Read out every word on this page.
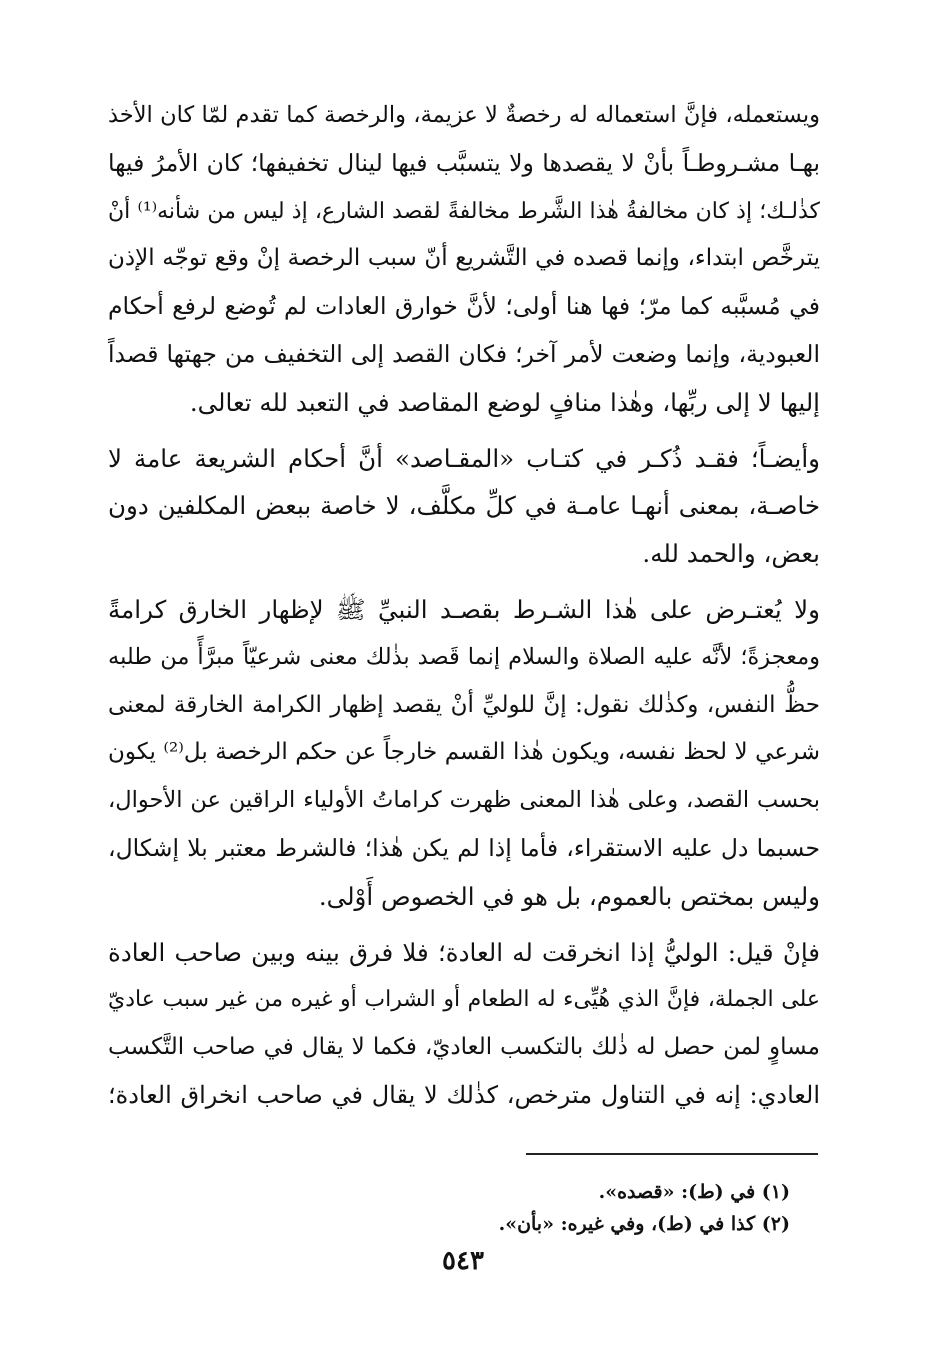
ويستعمله، فإنَّ استعماله له رخصةٌ لا عزيمة، والرخصة كما تقدم لمّا كان الأخذ
بهـا مشـروطـاً بأنْ لا يقصدها ولا يتسبَّب فيها لينال تخفيفها؛ كان الأمرُ فيها
كذٰلـك؛ إذ كان مخالفةُ هٰذا الشَّرط مخالفةً لقصد الشارع، إذ ليس من شأنه⁽¹⁾ أنْ
يترخَّص ابتداء، وإنما قصده في التَّشريع أنّ سبب الرخصة إنْ وقع توجّه الإذن
في مُسبَّبه كما مرّ؛ فها هنا أولى؛ لأنَّ خوارق العادات لم تُوضع لرفع أحكام
العبودية، وإنما وضعت لأمر آخر؛ فكان القصد إلى التخفيف من جهتها قصداً
إليها لا إلى ربِّها، وهٰذا منافٍ لوضع المقاصد في التعبد لله تعالى.
وأيضـاً؛ فقـد ذُكـر في كتـاب «المقـاصد» أنَّ أحكام الشريعة عامة لا
خاصـة، بمعنى أنهـا عامـة في كلِّ مكلَّف، لا خاصة ببعض المكلفين دون
بعض، والحمد لله.
ولا يُعتـرض على هٰذا الشـرط بقصـد النبيِّ ﷺ لإظهار الخارق كرامةً
ومعجزةً؛ لأنَّه عليه الصلاة والسلام إنما قَصد بذٰلك معنى شرعيّاً مبرَّأً من طلبه
حظُّ النفس، وكذٰلك نقول: إنَّ للوليِّ أنْ يقصد إظهار الكرامة الخارقة لمعنى
شرعي لا لحظ نفسه، ويكون هٰذا القسم خارجاً عن حكم الرخصة بل⁽²⁾ يكون
بحسب القصد، وعلى هٰذا المعنى ظهرت كراماتُ الأولياء الراقين عن الأحوال،
حسبما دل عليه الاستقراء، فأما إذا لم يكن هٰذا؛ فالشرط معتبر بلا إشكال،
وليس بمختص بالعموم، بل هو في الخصوص أَوْلى.
فإنْ قيل: الوليُّ إذا انخرقت له العادة؛ فلا فرق بينه وبين صاحب العادة
على الجملة، فإنَّ الذي هُيِّىء له الطعام أو الشراب أو غيره من غير سبب عاديّ
مساوٍ لمن حصل له ذٰلك بالتكسب العاديّ، فكما لا يقال في صاحب التَّكسب
العادي: إنه في التناول مترخص، كذٰلك لا يقال في صاحب انخراق العادة؛
(١) في (ط): «قصده».
(٢) كذا في (ط)، وفي غيره: «بأن».
٥٤٣
